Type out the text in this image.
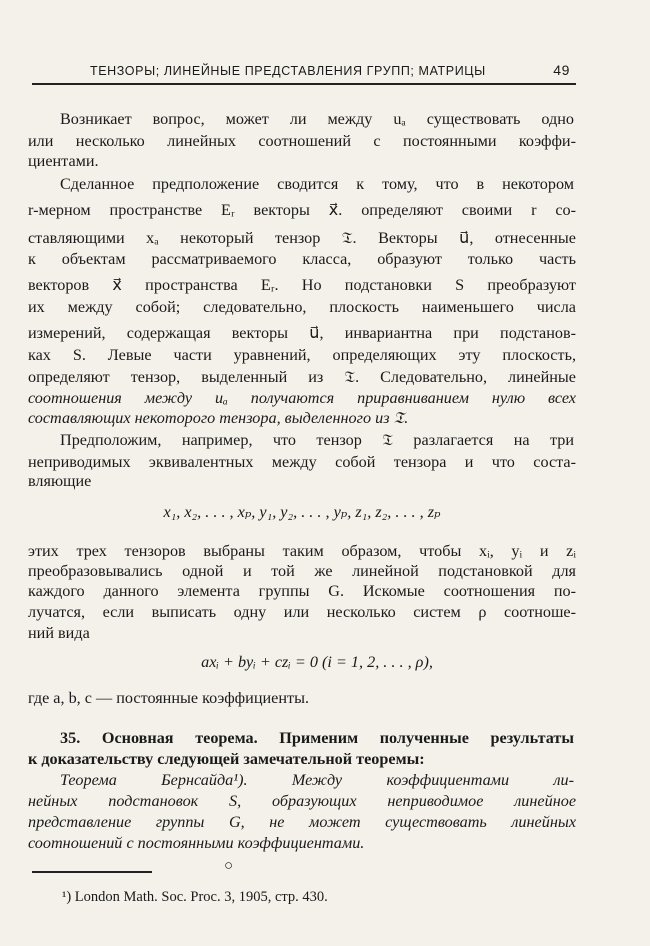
ТЕНЗОРЫ; ЛИНЕЙНЫЕ ПРЕДСТАВЛЕНИЯ ГРУПП; МАТРИЦЫ	49
Возникает вопрос, может ли между uₐ существовать одно
или несколько линейных соотношений с постоянными коэффи-
циентами.
Сделанное предположение сводится к тому, что в некотором
r-мерном пространстве Eᵣ векторы x⃗. определяют своими r со-
ставляющими xₐ некоторый тензор 𝔗. Векторы u⃗, отнесенные
к объектам рассматриваемого класса, образуют только часть
векторов x⃗ пространства Eᵣ. Но подстановки S преобразуют
их между собой; следовательно, плоскость наименьшего числа
измерений, содержащая векторы u⃗, инвариантна при подстанов-
ках S. Левые части уравнений, определяющих эту плоскость,
определяют тензор, выделенный из 𝔗. Следовательно, линейные
соотношения между uₐ получаются приравниванием нулю всех
составляющих некоторого тензора, выделенного из 𝔗.
Предположим, например, что тензор 𝔗 разлагается на три
неприводимых эквивалентных между собой тензора и что соста-
вляющие
x₁, x₂, . . . , xₚ, y₁, y₂, . . . , yₚ, z₁, z₂, . . . , zₚ
этих трех тензоров выбраны таким образом, чтобы xᵢ, yᵢ и zᵢ
преобразовывались одной и той же линейной подстановкой для
каждого данного элемента группы G. Искомые соотношения по-
лучатся, если выписать одну или несколько систем ρ соотноше-
ний вида
axᵢ + byᵢ + czᵢ = 0 (i = 1, 2, . . . , ρ),
где a, b, c — постоянные коэффициенты.
35. Основная теорема. Применим полученные результаты
к доказательству следующей замечательной теоремы:
Теорема Бернсайда¹). Между коэффициентами ли-
нейных подстановок S, образующих неприводимое линейное
представление группы G, не может существовать линейных
соотношений с постоянными коэффициентами.
○
¹) London Math. Soc. Proc. 3, 1905, стр. 430.
